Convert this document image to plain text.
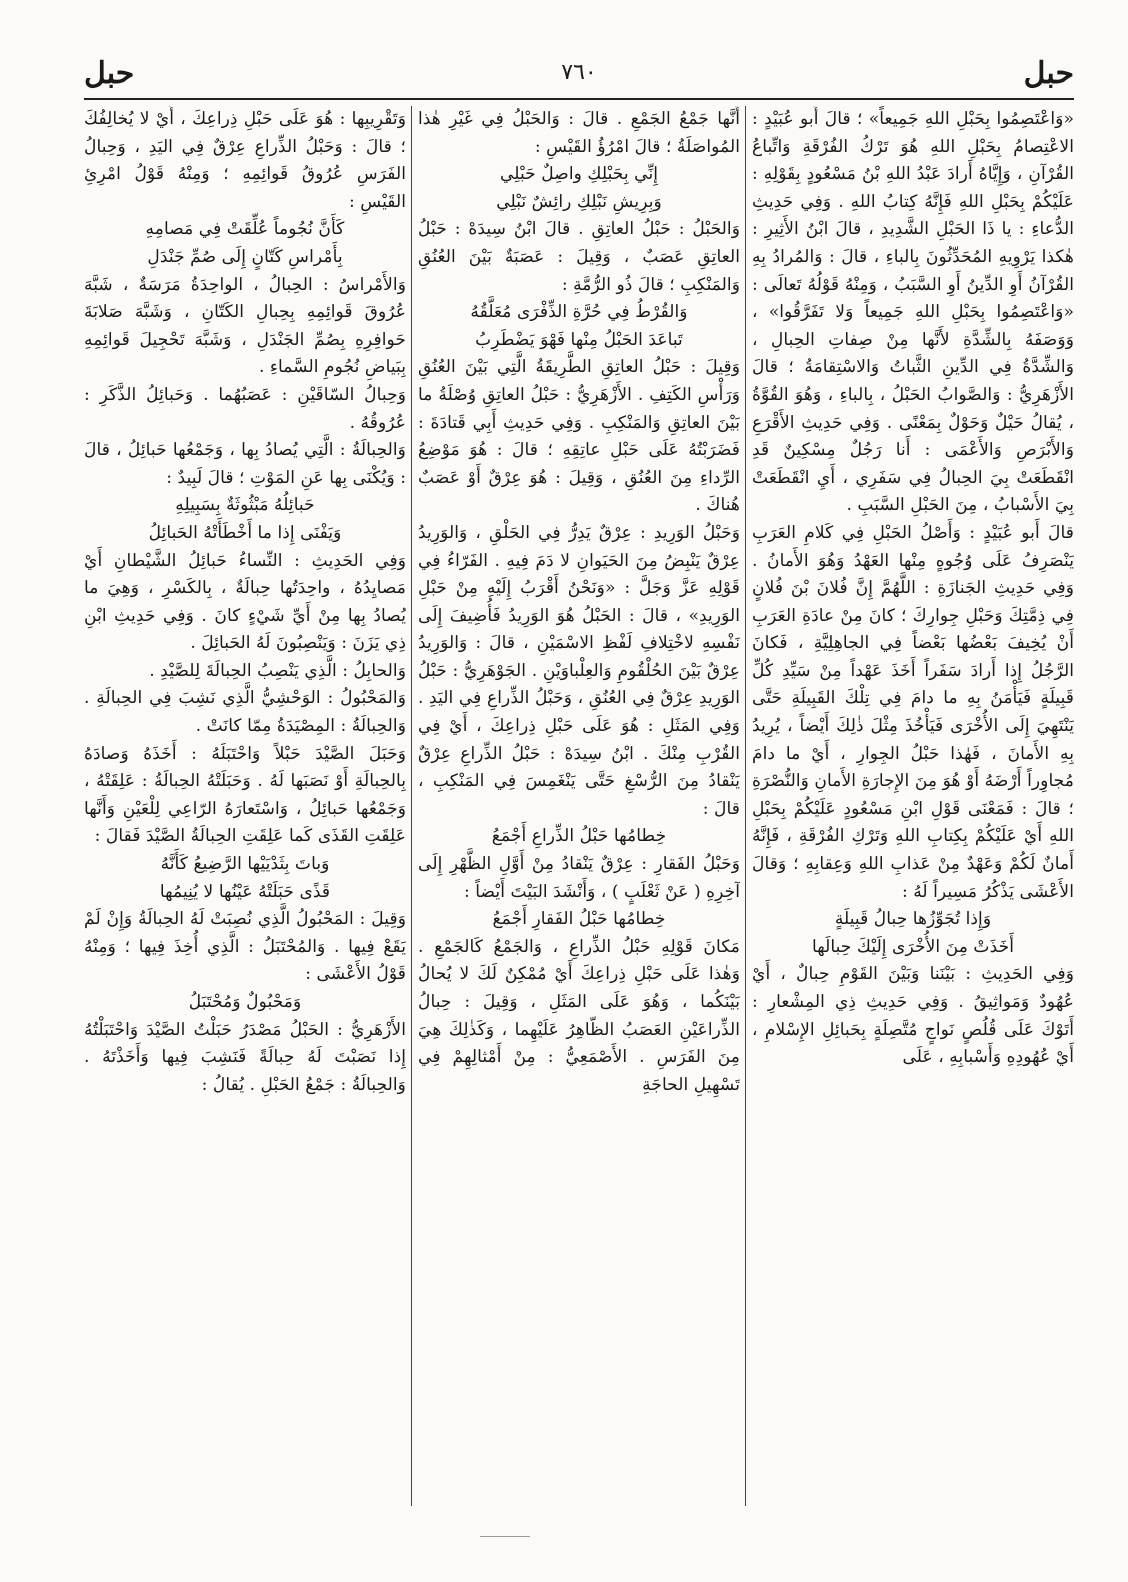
حبل
٧٦٠
حبل

«وَاعْتَصِمُوا بِحَبْلِ اللهِ جَمِيعاً» ؛ قالَ أَبو عُبَيْدٍ : الاعْتِصامُ بِحَبْلِ اللهِ هُوَ تَرْكُ الفُرْقَةِ وَاتِّباعُ القُرْآنِ ، وَإِيَّاهُ أَرادَ عَبْدُ اللهِ بْنُ مَسْعُودٍ بِقَوْلِهِ : عَلَيْكُمْ بِحَبْلِ اللهِ فَإِنَّهُ كِتابُ اللهِ . وَفِي حَدِيثِ الدُّعاءِ : يا ذَا الحَبْلِ الشَّدِيدِ ، قالَ ابْنُ الأَثِيرِ : هٰكذا يَرْوِيهِ المُحَدِّثُونَ بِالباءِ ، قالَ : وَالمُرادُ بِهِ القُرْآنُ أَوِ الدِّينُ أَوِ السَّبَبُ ، وَمِنْهُ قَوْلُهُ تَعالَى : «وَاعْتَصِمُوا بِحَبْلِ اللهِ جَمِيعاً وَلا تَفَرَّقُوا» ، وَوَصَفَهُ بِالشِّدَّةِ لأَنَّها مِنْ صِفاتِ الحِبالِ ، وَالشِّدَّةُ فِي الدِّينِ الثَّباتُ وَالاسْتِقامَةُ ؛ قالَ الأَزْهَرِيُّ : وَالصَّوابُ الحَبْلُ ، بِالباءِ ، وَهُوَ القُوَّةُ ، يُقالُ حَيْلٌ وَحَوْلٌ بِمَعْنًى . وَفِي حَدِيثِ الأَقْرَعِ وَالأَبْرَصِ وَالأَعْمَى : أَنا رَجُلٌ مِسْكِينٌ قَدِ انْقَطَعَتْ بِيَ الحِبالُ فِي سَفَرِي ، أَيِ انْقَطَعَتْ بِيَ الأَسْبابُ ، مِنَ الحَبْلِ السَّبَبِ .

قالَ أَبو عُبَيْدٍ : وَأَصْلُ الحَبْلِ فِي كَلامِ العَرَبِ يَنْصَرِفُ عَلَى وُجُوهٍ مِنْها العَهْدُ وَهُوَ الأَمانُ . وَفِي حَدِيثِ الجَنازَةِ : اللَّهُمَّ إِنَّ فُلانَ بْنَ فُلانٍ فِي ذِمَّتِكَ وَحَبْلِ جِوارِكَ ؛ كانَ مِنْ عادَةِ العَرَبِ أَنْ يُخِيفَ بَعْضُها بَعْضاً فِي الجاهِلِيَّةِ ، فَكانَ الرَّجُلُ إِذا أَرادَ سَفَراً أَخَذَ عَهْداً مِنْ سَيِّدِ كُلِّ قَبِيلَةٍ فَيَأْمَنُ بِهِ ما دامَ فِي تِلْكَ القَبِيلَةِ حَتَّى يَنْتَهِيَ إِلَى الأُخْرَى فَيَأْخُذَ مِثْلَ ذٰلِكَ أَيْضاً ، يُرِيدُ بِهِ الأَمانَ ، فَهٰذا حَبْلُ الجِوارِ ، أَيْ ما دامَ مُجاوِراً أَرْضَهُ أَوْ هُوَ مِنَ الإِجارَةِ الأَمانِ وَالنُّصْرَةِ ؛ قالَ : فَمَعْنَى قَوْلِ ابْنِ مَسْعُودٍ عَلَيْكُمْ بِحَبْلِ اللهِ أَيْ عَلَيْكُمْ بِكِتابِ اللهِ وَتَرْكِ الفُرْقَةِ ، فَإِنَّهُ أَمانٌ لَكُمْ وَعَهْدٌ مِنْ عَذابِ اللهِ وَعِقابِهِ ؛ وَقالَ الأَعْشَى يَذْكُرُ مَسِيراً لَهُ :

وَإِذا تُجَوِّزُها حِبالُ قَبِيلَةٍ

أَخَذَتْ مِنَ الأُخْرَى إِلَيْكَ حِبالَها

وَفِي الحَدِيثِ : بَيْنَنا وَبَيْنَ القَوْمِ حِبالٌ ، أَيْ عُهُودٌ وَمَواثِيقُ . وَفِي حَدِيثِ ذِي المِشْعارِ : أَتَوْكَ عَلَى قُلُصٍ نَواجٍ مُتَّصِلَةٍ بِحَبائِلِ الإِسْلامِ ، أَيْ عُهُودِهِ وَأَسْبابِهِ ، عَلَى

أَنَّها جَمْعُ الجَمْعِ . قالَ : وَالحَبْلُ فِي غَيْرِ هٰذا المُواصَلَةُ ؛ قالَ امْرُؤُ القَيْسِ :

إِنِّي بِحَبْلِكِ واصِلٌ حَبْلِي

وَبِرِيشِ نَبْلِكِ رائِشٌ نَبْلِي

وَالحَبْلُ : حَبْلُ العاتِقِ . قالَ ابْنُ سِيدَهْ : حَبْلُ العاتِقِ عَصَبٌ ، وَقِيلَ : عَصَبَةٌ بَيْنَ العُنُقِ وَالمَنْكِبِ ؛ قالَ ذُو الرُّمَّةِ :

وَالقُرْطُ فِي حُرَّةِ الذِّفْرَى مُعَلَّقُهُ

تَباعَدَ الحَبْلُ مِنْها فَهْوَ يَضْطَرِبُ

وَقِيلَ : حَبْلُ العاتِقِ الطَّرِيقَةُ الَّتِي بَيْنَ العُنُقِ وَرَأْسِ الكَتِفِ . الأَزْهَرِيُّ : حَبْلُ العاتِقِ وُصْلَةُ ما بَيْنَ العاتِقِ وَالمَنْكِبِ . وَفِي حَدِيثِ أَبِي قَتادَةَ : فَضَرَبْتُهُ عَلَى حَبْلِ عاتِقِهِ ؛ قالَ : هُوَ مَوْضِعُ الرِّداءِ مِنَ العُنُقِ ، وَقِيلَ : هُوَ عِرْقٌ أَوْ عَصَبٌ هُناكَ .

وَحَبْلُ الوَرِيدِ : عِرْقٌ يَدِرُّ فِي الحَلْقِ ، وَالوَرِيدُ عِرْقٌ يَنْبِضُ مِنَ الحَيَوانِ لا دَمَ فِيهِ . الفَرّاءُ فِي قَوْلِهِ عَزَّ وَجَلَّ : «وَنَحْنُ أَقْرَبُ إِلَيْهِ مِنْ حَبْلِ الوَرِيدِ» ، قالَ : الحَبْلُ هُوَ الوَرِيدُ فَأُضِيفَ إِلَى نَفْسِهِ لاخْتِلافِ لَفْظِ الاسْمَيْنِ ، قالَ : وَالوَرِيدُ عِرْقٌ بَيْنَ الحُلْقُومِ وَالعِلْباوَيْنِ . الجَوْهَرِيُّ : حَبْلُ الوَرِيدِ عِرْقٌ فِي العُنُقِ ، وَحَبْلُ الذِّراعِ فِي اليَدِ . وَفِي المَثَلِ : هُوَ عَلَى حَبْلِ ذِراعِكَ ، أَيْ فِي القُرْبِ مِنْكَ . ابْنُ سِيدَهْ : حَبْلُ الذِّراعِ عِرْقٌ يَنْقادُ مِنَ الرُّسْغِ حَتَّى يَنْغَمِسَ فِي المَنْكِبِ ، قالَ :

خِطامُها حَبْلُ الذِّراعِ أَجْمَعُ

وَحَبْلُ الفَقارِ : عِرْقٌ يَنْقادُ مِنْ أَوَّلِ الظَّهْرِ إِلَى آخِرِهِ ( عَنْ ثَعْلَبٍ ) ، وَأَنْشَدَ البَيْتَ أَيْضاً :

خِطامُها حَبْلُ الفَقارِ أَجْمَعُ

مَكانَ قَوْلِهِ حَبْلُ الذِّراعِ ، وَالجَمْعُ كَالجَمْعِ . وَهٰذا عَلَى حَبْلِ ذِراعِكَ أَيْ مُمْكِنٌ لَكَ لا يُحالُ بَيْنَكُما ، وَهُوَ عَلَى المَثَلِ ، وَقِيلَ : حِبالُ الذِّراعَيْنِ العَصَبُ الظّاهِرُ عَلَيْهِما ، وَكَذٰلِكَ هِيَ مِنَ الفَرَسِ . الأَصْمَعِيُّ : مِنْ أَمْثالِهِمْ فِي تَسْهِيلِ الحاجَةِ

وَتَقْرِيبِها : هُوَ عَلَى حَبْلِ ذِراعِكَ ، أَيْ لا يُخالِفُكَ ؛ قالَ : وَحَبْلُ الذِّراعِ عِرْقٌ فِي اليَدِ ، وَحِبالُ الفَرَسِ عُرُوقُ قَوائِمِهِ ؛ وَمِنْهُ قَوْلُ امْرِئِ القَيْسِ :

كَأَنَّ نُجُوماً عُلِّقَتْ فِي مَصامِهِ

بِأَمْراسِ كَتّانٍ إِلَى صُمِّ جَنْدَلِ

وَالأَمْراسُ : الحِبالُ ، الواحِدَةُ مَرَسَةٌ ، شَبَّهَ عُرُوقَ قَوائِمِهِ بِحِبالِ الكَتّانِ ، وَشَبَّهَ صَلابَةَ حَوافِرِهِ بِصُمِّ الجَنْدَلِ ، وَشَبَّهَ تَحْجِيلَ قَوائِمِهِ بِبَياضِ نُجُومِ السَّماءِ .

وَحِبالُ السّاقَيْنِ : عَصَبُهُما . وَحَبائِلُ الذَّكَرِ : عُرُوقُهُ .

وَالحِبالَةُ : الَّتِي يُصادُ بِها ، وَجَمْعُها حَبائِلُ ، قالَ : وَيُكْنَى بِها عَنِ المَوْتِ ؛ قالَ لَبِيدٌ :

حَبائِلُهُ مَبْثُوثَةٌ بِسَبِيلِهِ

وَيَفْنَى إِذا ما أَخْطَأَتْهُ الحَبائِلُ

وَفِي الحَدِيثِ : النِّساءُ حَبائِلُ الشَّيْطانِ أَيْ مَصايِدُهُ ، واحِدَتُها حِبالَةٌ ، بِالكَسْرِ ، وَهِيَ ما يُصادُ بِها مِنْ أَيِّ شَيْءٍ كانَ . وَفِي حَدِيثِ ابْنِ ذِي يَزَنَ : وَيَنْصِبُونَ لَهُ الحَبائِلَ .

وَالحابِلُ : الَّذِي يَنْصِبُ الحِبالَةَ لِلصَّيْدِ .

وَالمَحْبُولُ : الوَحْشِيُّ الَّذِي نَشِبَ فِي الحِبالَةِ . وَالحِبالَةُ : المِصْيَدَةُ مِمّا كانَتْ .

وَحَبَلَ الصَّيْدَ حَبْلاً وَاحْتَبَلَهُ : أَخَذَهُ وَصادَهُ بِالحِبالَةِ أَوْ نَصَبَها لَهُ . وَحَبَلَتْهُ الحِبالَةُ : عَلِقَتْهُ ، وَجَمْعُها حَبائِلُ ، وَاسْتَعارَهُ الرّاعِي لِلْعَيْنِ وَأَنَّها عَلِقَتِ القَذَى كَما عَلِقَتِ الحِبالَةُ الصَّيْدَ فَقالَ :

وَباتَ بِثَدْيَيْها الرَّضِيعُ كَأَنَّهُ

قَذًى حَبَلَتْهُ عَيْنُها لا يُنِيمُها

وَقِيلَ : المَحْبُولُ الَّذِي نُصِبَتْ لَهُ الحِبالَةُ وَإِنْ لَمْ يَقَعْ فِيها . وَالمُحْتَبَلُ : الَّذِي أُخِذَ فِيها ؛ وَمِنْهُ قَوْلُ الأَعْشَى :

وَمَحْبُولٌ وَمُحْتَبَلُ

الأَزْهَرِيُّ : الحَبْلُ مَصْدَرُ حَبَلْتُ الصَّيْدَ وَاحْتَبَلْتُهُ إِذا نَصَبْتَ لَهُ حِبالَةً فَنَشِبَ فِيها وَأَخَذْتَهُ . وَالحِبالَةُ : جَمْعُ الحَبْلِ . يُقالُ :
